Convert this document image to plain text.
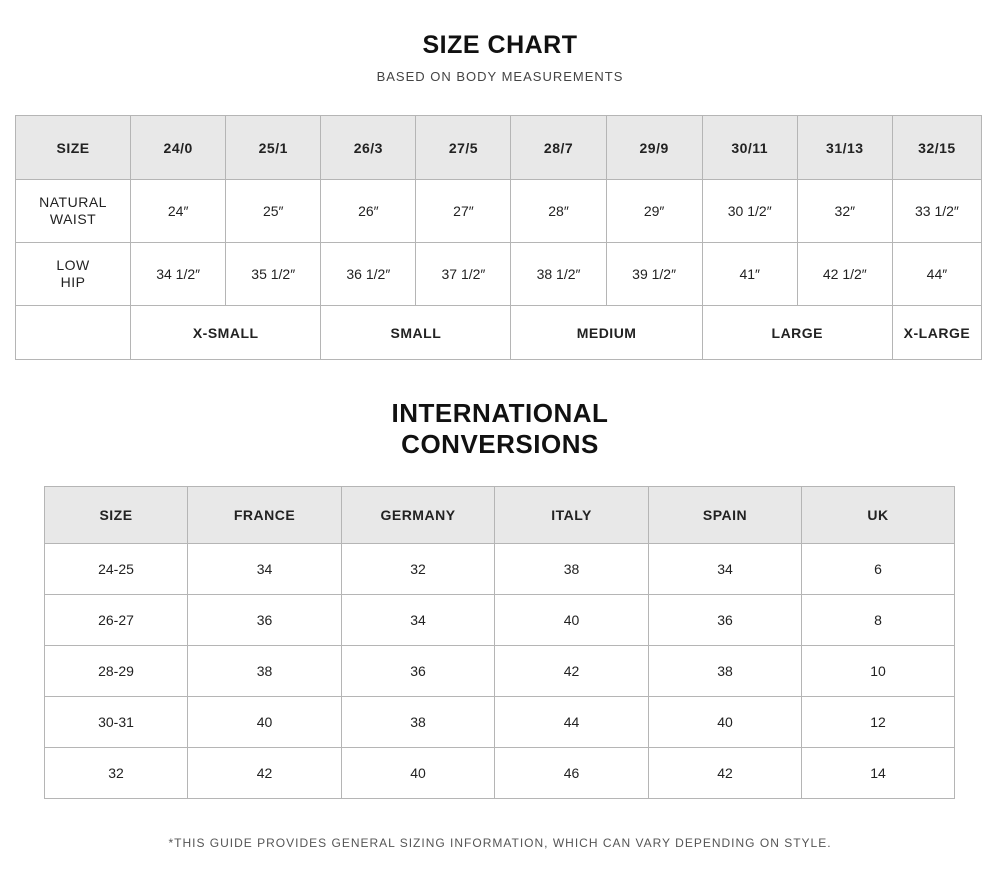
SIZE CHART
BASED ON BODY MEASUREMENTS
SIZE	24/0	25/1	26/3	27/5	28/7	29/9	30/11	31/13	32/15

NATURAL
WAIST	24″	25″	26″	27″	28″	29″	30 1/2″	32″	33 1/2″

LOW
HIP	34 1/2″	35 1/2″	36 1/2″	37 1/2″	38 1/2″	39 1/2″	41″	42 1/2″	44″
	X-SMALL		SMALL		MEDIUM		LARGE		X-LARGE
INTERNATIONAL
CONVERSIONS
SIZE	FRANCE	GERMANY	ITALY	SPAIN	UK
24-25	34	32	38	34	6
26-27	36	34	40	36	8
28-29	38	36	42	38	10
30-31	40	38	44	40	12
32	42	40	46	42	14
*THIS GUIDE PROVIDES GENERAL SIZING INFORMATION, WHICH CAN VARY DEPENDING ON STYLE.
